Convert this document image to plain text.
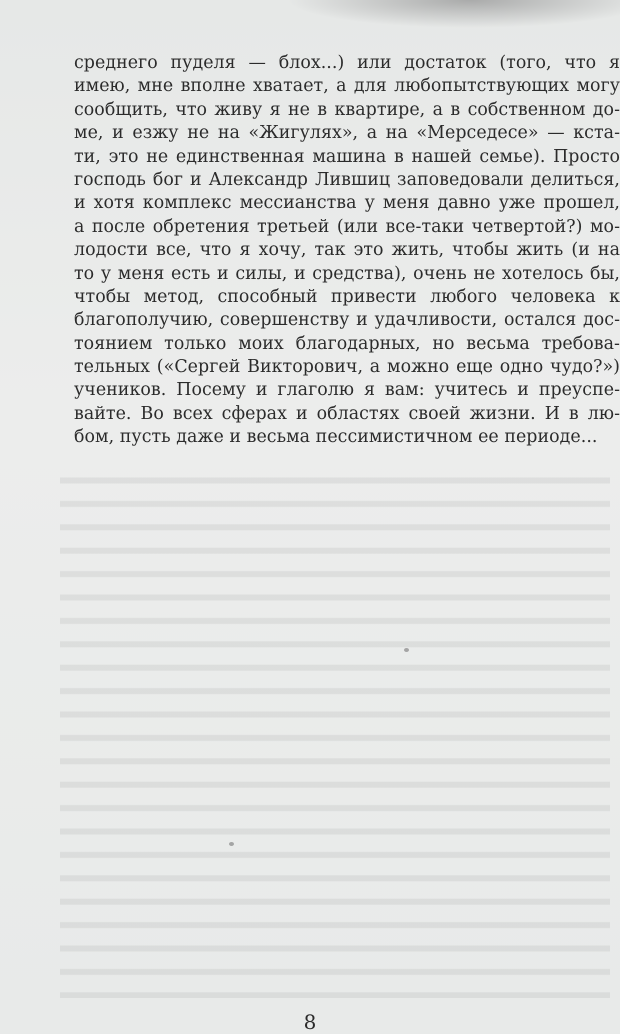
среднего пуделя — блох...) или достаток (того, что я
имею, мне вполне хватает, а для любопытствующих могу
сообщить, что живу я не в квартире, а в собственном до-
ме, и езжу не на «Жигулях», а на «Мерседесе» — кста-
ти, это не единственная машина в нашей семье). Просто
господь бог и Александр Лившиц заповедовали делиться,
и хотя комплекс мессианства у меня давно уже прошел,
а после обретения третьей (или все-таки четвертой?) мо-
лодости все, что я хочу, так это жить, чтобы жить (и на
то у меня есть и силы, и средства), очень не хотелось бы,
чтобы метод, способный привести любого человека к
благополучию, совершенству и удачливости, остался дос-
тоянием только моих благодарных, но весьма требова-
тельных («Сергей Викторович, а можно еще одно чудо?»)
учеников. Посему и глаголю я вам: учитесь и преуспе-
вайте. Во всех сферах и областях своей жизни. И в лю-
бом, пусть даже и весьма пессимистичном ее периоде...
8
